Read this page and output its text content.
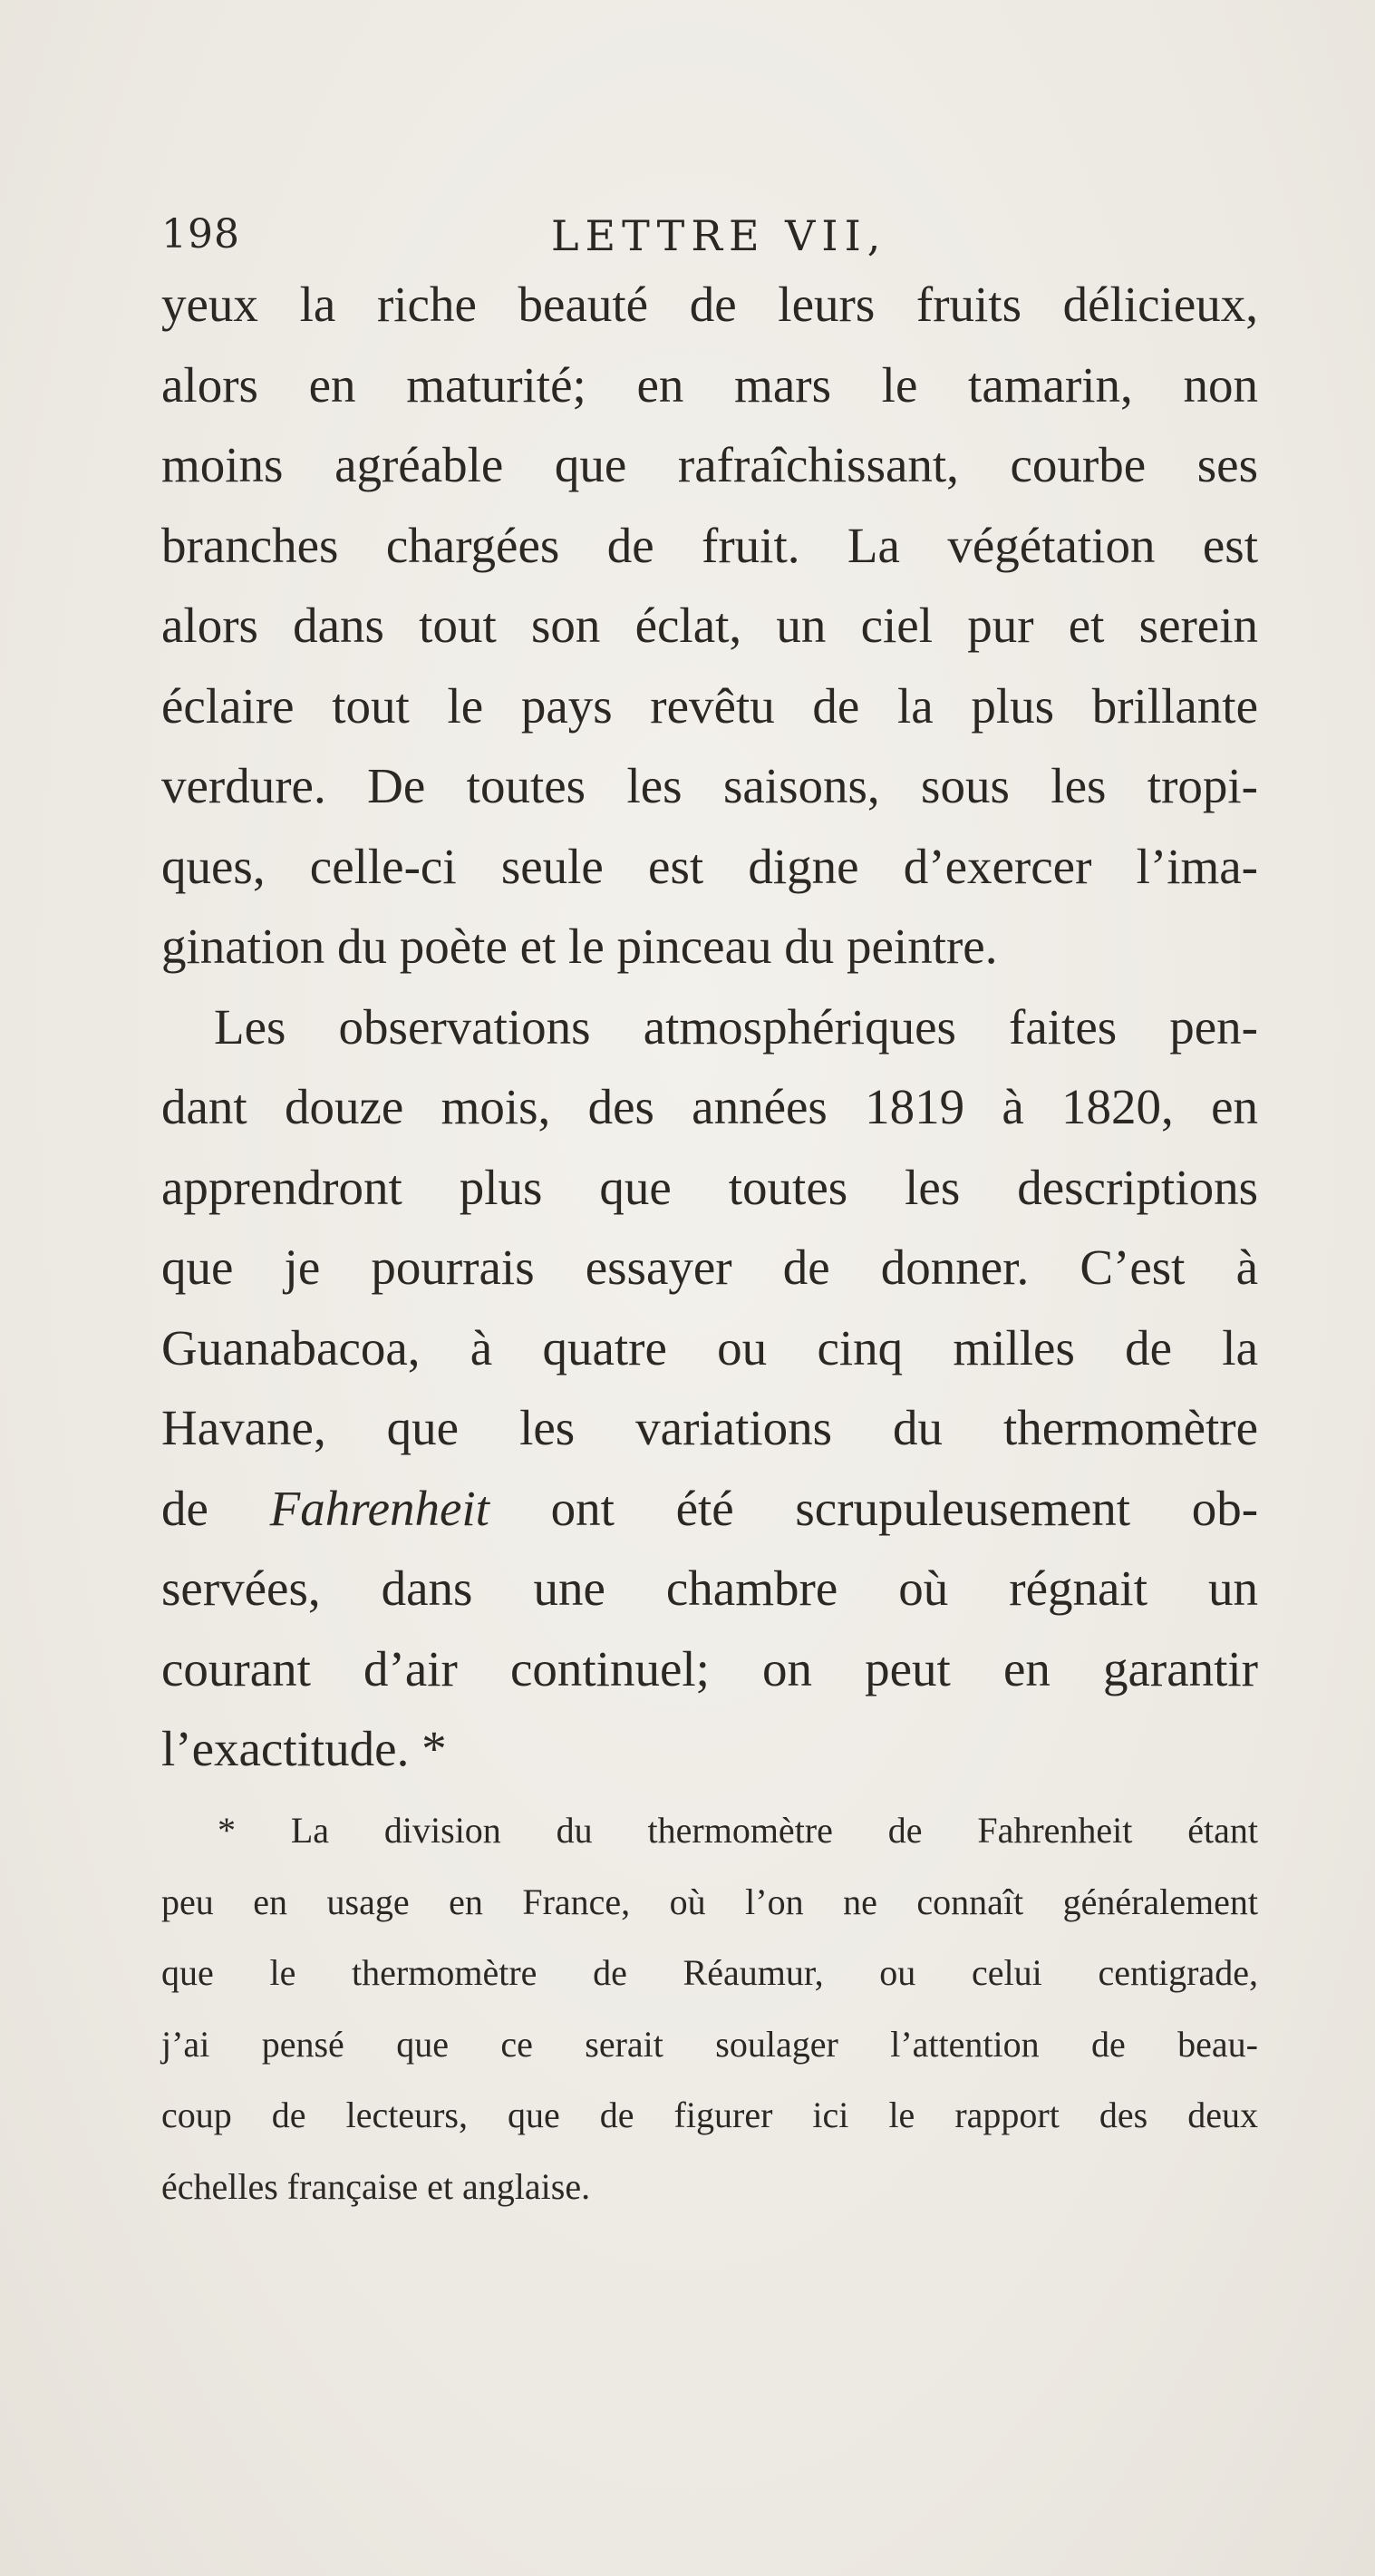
198	LETTRE VII,
yeux la riche beauté de leurs fruits délicieux,
alors en maturité; en mars le tamarin, non
moins agréable que rafraîchissant, courbe ses
branches chargées de fruit. La végétation est
alors dans tout son éclat, un ciel pur et serein
éclaire tout le pays revêtu de la plus brillante
verdure. De toutes les saisons, sous les tropi-
ques, celle-ci seule est digne d’exercer l’ima-
gination du poète et le pinceau du peintre.
Les observations atmosphériques faites pen-
dant douze mois, des années 1819 à 1820, en
apprendront plus que toutes les descriptions
que je pourrais essayer de donner. C’est à
Guanabacoa, à quatre ou cinq milles de la
Havane, que les variations du thermomètre
de Fahrenheit ont été scrupuleusement ob-
servées, dans une chambre où régnait un
courant d’air continuel; on peut en garantir
l’exactitude. *
* La division du thermomètre de Fahrenheit étant
peu en usage en France, où l’on ne connaît généralement
que le thermomètre de Réaumur, ou celui centigrade,
j’ai pensé que ce serait soulager l’attention de beau-
coup de lecteurs, que de figurer ici le rapport des deux
échelles française et anglaise.
